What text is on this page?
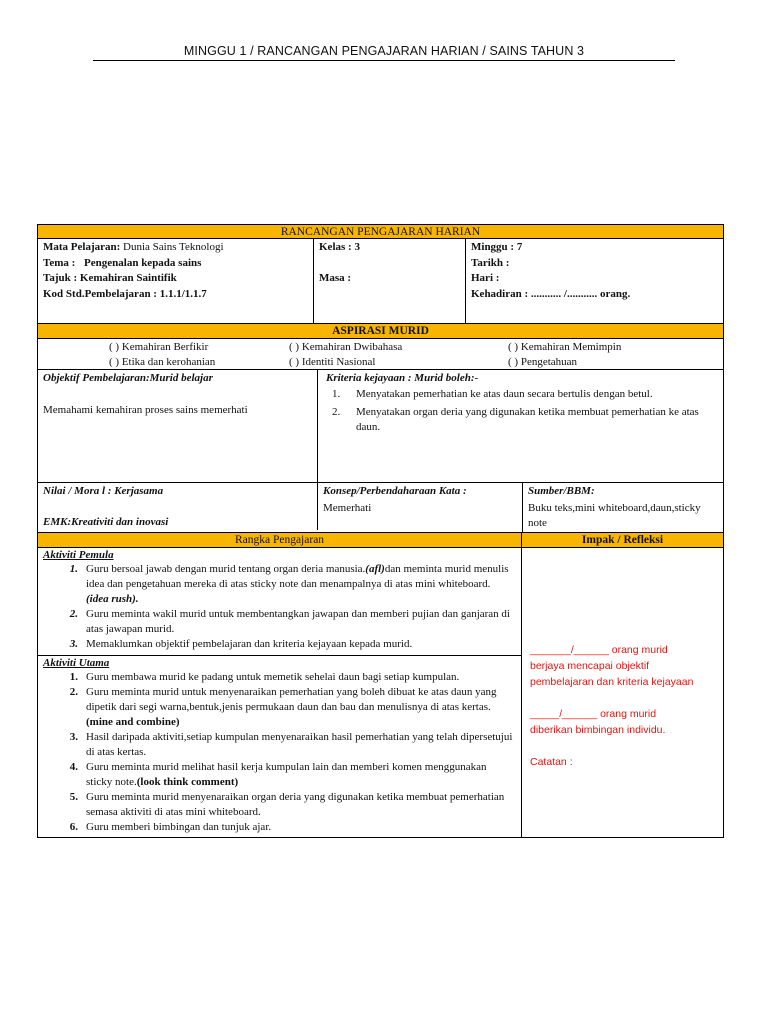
MINGGU 1 / RANCANGAN PENGAJARAN HARIAN / SAINS TAHUN 3
RANCANGAN PENGAJARAN HARIAN
Mata Pelajaran: Dunia Sains Teknologi
Tema : Pengenalan kepada sains
Tajuk : Kemahiran Saintifik
Kod Std.Pembelajaran : 1.1.1/1.1.7
Kelas : 3
Masa :
Minggu : 7
Tarikh :
Hari :
Kehadiran : ........... /........... orang.
ASPIRASI MURID
( ) Kemahiran Berfikir	( ) Kemahiran Dwibahasa	( ) Kemahiran Memimpin
( ) Etika dan kerohanian	( ) Identiti Nasional	( ) Pengetahuan
Objektif Pembelajaran:Murid belajar
Memahami kemahiran proses sains memerhati
Kriteria kejayaan : Murid boleh:-
1.	Menyatakan pemerhatian ke atas daun secara bertulis dengan betul.
2.	Menyatakan organ deria yang digunakan ketika membuat pemerhatian ke atas daun.
Nilai / Mora l : Kerjasama
EMK:Kreativiti dan inovasi
Konsep/Perbendaharaan Kata :
Memerhati
Sumber/BBM:
Buku teks,mini whiteboard,daun,sticky note
Rangka Pengajaran	Impak / Refleksi
Aktiviti Pemula
1. Guru bersoal jawab dengan murid tentang organ deria manusia.(afl)dan meminta murid menulis idea dan pengetahuan mereka di atas sticky note dan menampalnya di atas mini whiteboard. (idea rush).
2. Guru meminta wakil murid untuk membentangkan jawapan dan memberi pujian dan ganjaran di atas jawapan murid.
3. Memaklumkan objektif pembelajaran dan kriteria kejayaan kepada murid.
Aktiviti Utama
1. Guru membawa murid ke padang untuk memetik sehelai daun bagi setiap kumpulan.
2. Guru meminta murid untuk menyenaraikan pemerhatian yang boleh dibuat ke atas daun yang dipetik dari segi warna,bentuk,jenis permukaan daun dan bau dan menulisnya di atas kertas.(mine and combine)
3. Hasil daripada aktiviti,setiap kumpulan menyenaraikan hasil pemerhatian yang telah dipersetujui di atas kertas.
4. Guru meminta murid melihat hasil kerja kumpulan lain dan memberi komen menggunakan sticky note.(look think comment)
5. Guru meminta murid menyenaraikan organ deria yang digunakan ketika membuat pemerhatian semasa aktiviti di atas mini whiteboard.
6. Guru memberi bimbingan dan tunjuk ajar.
_______/______ orang murid
berjaya mencapai objektif
pembelajaran dan kriteria kejayaan
_____/______ orang murid
diberikan bimbingan individu.
Catatan :
